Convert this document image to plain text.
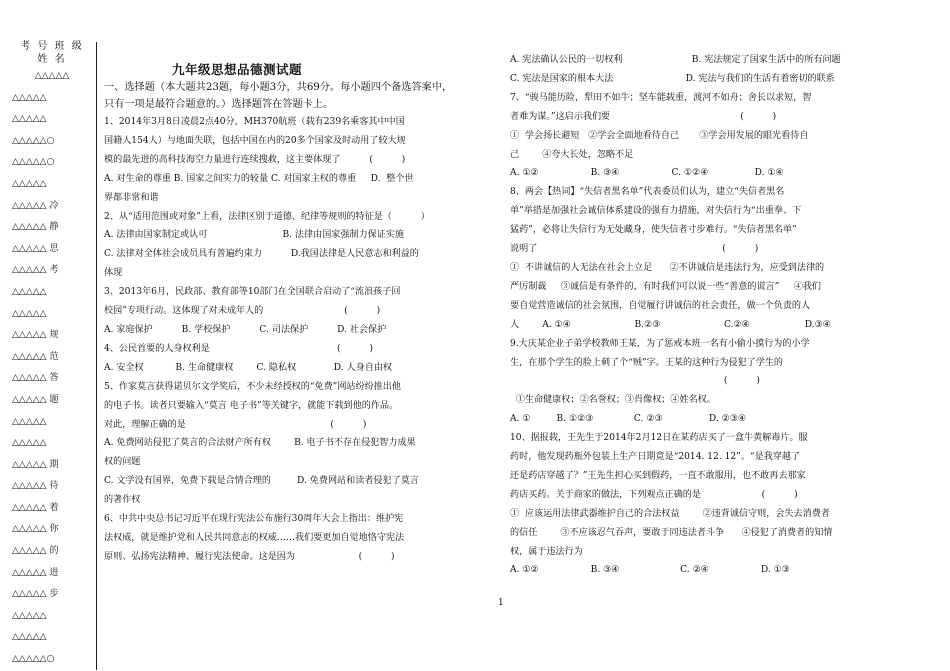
考 号 班 级
姓 名
△△△△△
△△△△△
△△△△△
△△△△△○
△△△△△○
△△△△△
△△△△△ 冷
△△△△△ 静
△△△△△ 思
△△△△△ 考
△△△△△
△△△△△
△△△△△ 规
△△△△△ 范
△△△△△ 答
△△△△△ 题
△△△△△
△△△△△
△△△△△ 期
△△△△△ 待
△△△△△ 着
△△△△△ 你
△△△△△ 的
△△△△△ 进
△△△△△ 步
△△△△△
△△△△△
△△△△△○
九年级思想品德测试题

一、选择题（本大题共23题，每小题3分，共69分。每小题四个备选答案中，

只有一项是最符合题意的。）选择题答在答题卡上。

1、2014年3月8日凌晨2点40分，MH370航班（载有239名乘客其中中国

国籍人154人）与地面失联，包括中国在内的20多个国家及时动用了较大规

模的最先进的高科技海空力量进行连续搜救，这主要体现了          (          )

A. 对生命的尊重 B. 国家之间实力的较量 C. 对国家主权的尊重     D.  整个世

界都非常和谐

2、从“适用范围或对象”上看，法律区别于道德、纪律等规则的特征是（          ）

A. 法律由国家制定或认可                          B. 法律由国家强制力保证实施

C. 法律对全体社会成员具有普遍约束力          D.我国法律是人民意志和利益的

体现

3、2013年6月，民政部、教育部等10部门在全国联合启动了“流浪孩子回

校园”专项行动。这体现了对未成年人的                            (          )

A. 家庭保护          B. 学校保护          C. 司法保护          D. 社会保护

4、公民首要的人身权利是                                            (          )

A. 安全权           B. 生命健康权        C. 隐私权             D. 人身自由权

5、作家莫言获得诺贝尔文学奖后，不少未经授权的“免费”网站纷纷推出他

的电子书。读者只要输入“莫言 电子书”等关键字，就能下载到他的作品。

对此，理解正确的是                                                  (          )

A. 免费网站侵犯了莫言的合法财产所有权        B. 电子书不存在侵犯智力成果

权的问题

C. 文学没有国界，免费下载是合情合理的         D. 免费网站和读者侵犯了莫言

的著作权

6、中共中央总书记习近平在现行宪法公布施行30周年大会上指出：维护宪

法权威，就是维护党和人民共同意志的权威……我们要更加自觉地恪守宪法

原则、弘扬宪法精神、履行宪法使命。这是因为                      (          )

A. 宪法确认公民的一切权利                        B. 宪法规定了国家生活中的所有问题

C. 宪法是国家的根本大法                         D. 宪法与我们的生活有着密切的联系

7、“骏马能历险，犁田不如牛；坚车能载重，渡河不如舟；舍长以求短，智

者难为谋。”这启示我们要                                             (          )

①  学会扬长避短   ②学会全面地看待自己       ③学会用发展的眼光看待自

己        ④夸大长处，忽略不足

A. ①②                  B. ③④                  C. ①②④                D. ①④

8、两会【热词】“失信者黑名单”代表委员们认为，建立“失信者黑名

单”举措是加强社会诚信体系建设的强有力措施，对失信行为“出重拳、下

猛药”，必将让失信行为无处藏身，使失信者寸步难行。“失信者黑名单”

说明了                                                                (          )

①  不讲诚信的人无法在社会上立足      ②不讲诚信是违法行为，应受到法律的

严厉制裁     ③诚信是有条件的，有时我们可以说一些“善意的谎言”     ④我们

要自觉营造诚信的社会氛围，自觉履行讲诚信的社会责任，做一个负责的人

人        A. ①④                      B.②③                      C.②④                   D.③④

9.大庆某企业子弟学校教师王某，为了惩戒本班一名有小偷小摸行为的小学

生，在那个学生的脸上刺了个“贼”字。王某的这种行为侵犯了学生的

(          )

①生命健康权；②名誉权；③肖像权；④姓名权。

A. ①         B. ①②③              C. ②③                D. ②③④

10、据报载，王先生于2014年2月12日在某药店买了一盒牛黄解毒片。服

药时，他发现药瓶外包装上生产日期竟是“2014. 12. 12”。“是我穿越了

还是药店穿越了？”王先生担心买到假药，一直不敢服用，也不敢再去那家

药店买药。关于商家的做法，下列观点正确的是                     (          )

①  应该运用法律武器维护自己的合法权益        ②违背诚信守则，会失去消费者

的信任        ③不应该忍气吞声，要敢于同违法者斗争      ④侵犯了消费者的知情

权，属于违法行为

A. ①②                  B. ③④                     C. ②④                  D. ①③

1
